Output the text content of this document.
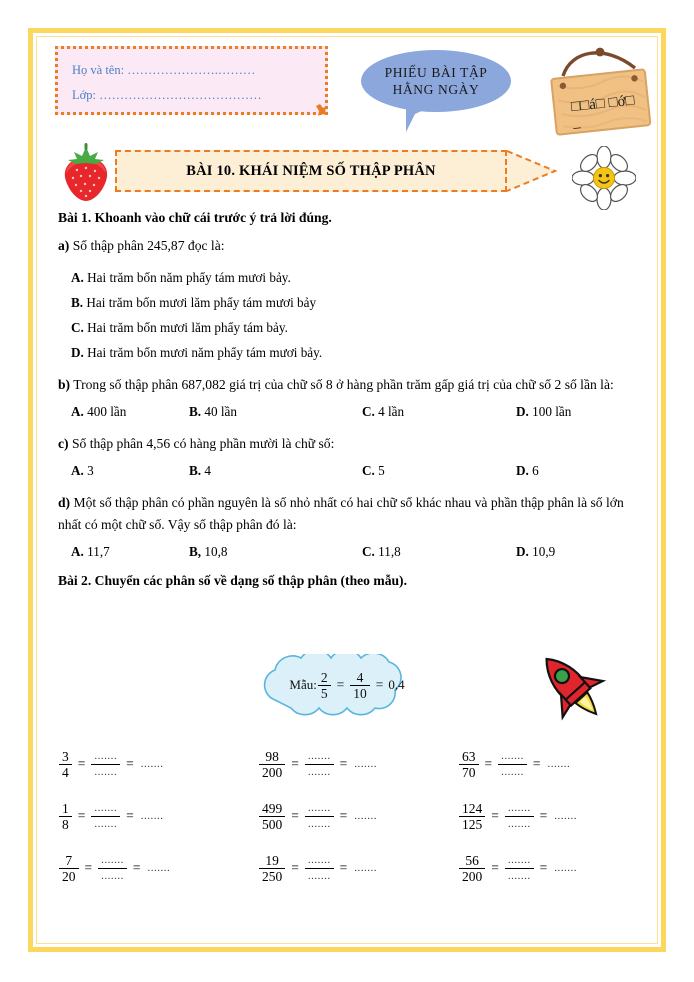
Họ và tên: ………………….………
Lớp: …………………………………
PHIẾU BÀI TẬP
HẰNG NGÀY
□□á□ □ớ□
_
BÀI 10. KHÁI NIỆM SỐ THẬP PHÂN

Bài 1. Khoanh vào chữ cái trước ý trả lời đúng.

a) Số thập phân 245,87 đọc là:

A. Hai trăm bốn năm phẩy tám mươi bảy.
B. Hai trăm bốn mươi lăm phẩy tám mươi bảy
C. Hai trăm bốn mươi lăm phẩy tám bảy.
D. Hai trăm bốn mươi năm phẩy tám mươi bảy.

b) Trong số thập phân 687,082 giá trị của chữ số 8 ở hàng phần trăm gấp giá trị của chữ số 2 số lần là:

A. 400 lần	B. 40 lần	C. 4 lần	D. 100 lần

c) Số thập phân 4,56 có hàng phần mười là chữ số:

A. 3	B. 4	C. 5	D. 6

d) Một số thập phân có phần nguyên là số nhỏ nhất có hai chữ số khác nhau và phần thập phân là số lớn nhất có một chữ số. Vậy số thập phân đó là:

A. 11,7	B, 10,8	C. 11,8	D. 10,9

Bài 2. Chuyển các phân số về dạng số thập phân (theo mẫu).

Mẫu: $\frac{2}{5} = \frac{4}{10} = 0,4$
$\frac{3}{4} = \frac{.......}{.......}$ = .......	$\frac{98}{200} = \frac{.......}{.......}$ = .......	$\frac{63}{70} = \frac{.......}{.......}$ = .......
$\frac{1}{8} = \frac{.......}{.......}$ = .......	$\frac{499}{500} = \frac{.......}{.......}$ = .......	$\frac{124}{125} = \frac{.......}{.......}$ = .......
$\frac{7}{20} = \frac{.......}{.......}$ = .......	$\frac{19}{250} = \frac{.......}{.......}$ = .......	$\frac{56}{200} = \frac{.......}{.......}$ = .......
